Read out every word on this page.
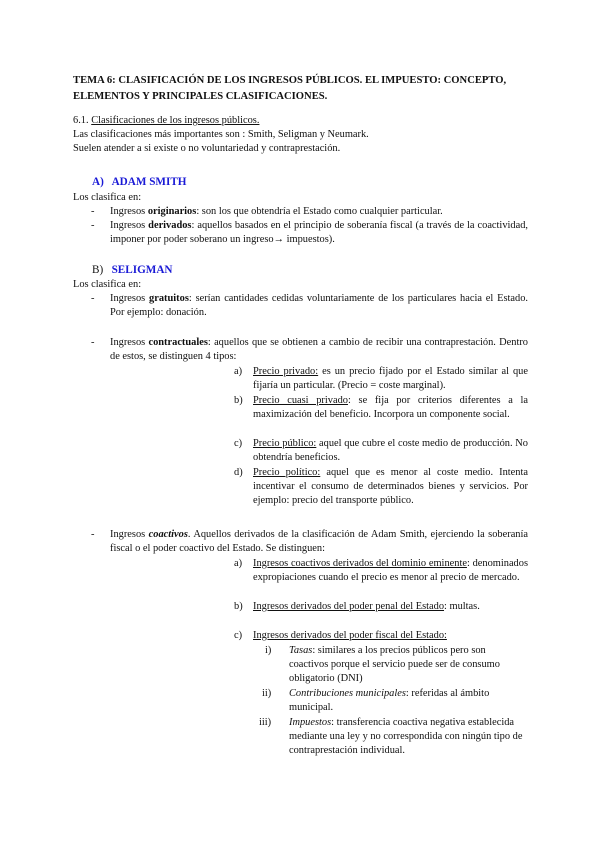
TEMA 6: CLASIFICACIÓN DE LOS INGRESOS PÚBLICOS. EL IMPUESTO: CONCEPTO,
ELEMENTOS Y PRINCIPALES CLASIFICACIONES.
6.1. Clasificaciones de los ingresos públicos.
Las clasificaciones más importantes son : Smith, Seligman y Neumark.
Suelen atender a si existe o no voluntariedad y contraprestación.
A) ADAM SMITH
Los clasifica en:
-	Ingresos originarios: son los que obtendría el Estado como cualquier particular.
-	Ingresos derivados: aquellos basados en el principio de soberanía fiscal (a través de la coactividad, imponer por poder soberano un ingreso→ impuestos).
B) SELIGMAN
Los clasifica en:
-	Ingresos gratuitos: serían cantidades cedidas voluntariamente de los particulares hacia el Estado. Por ejemplo: donación.
-	Ingresos contractuales: aquellos que se obtienen a cambio de recibir una contraprestación. Dentro de estos, se distinguen 4 tipos:
a) Precio privado: es un precio fijado por el Estado similar al que fijaría un particular. (Precio = coste marginal).
b) Precio cuasi privado: se fija por criterios diferentes a la maximización del beneficio. Incorpora un componente social.
c) Precio público: aquel que cubre el coste medio de producción. No obtendría beneficios.
d) Precio político: aquel que es menor al coste medio. Intenta incentivar el consumo de determinados bienes y servicios. Por ejemplo: precio del transporte público.
-	Ingresos coactivos. Aquellos derivados de la clasificación de Adam Smith, ejerciendo la soberanía fiscal o el poder coactivo del Estado. Se distinguen:
a) Ingresos coactivos derivados del dominio eminente: denominados expropiaciones cuando el precio es menor al precio de mercado.
b) Ingresos derivados del poder penal del Estado: multas.
c) Ingresos derivados del poder fiscal del Estado:
i) Tasas: similares a los precios públicos pero son coactivos porque el servicio puede ser de consumo obligatorio (DNI)
ii) Contribuciones municipales: referidas al ámbito municipal.
iii) Impuestos: transferencia coactiva negativa establecida mediante una ley y no correspondida con ningún tipo de contraprestación individual.
